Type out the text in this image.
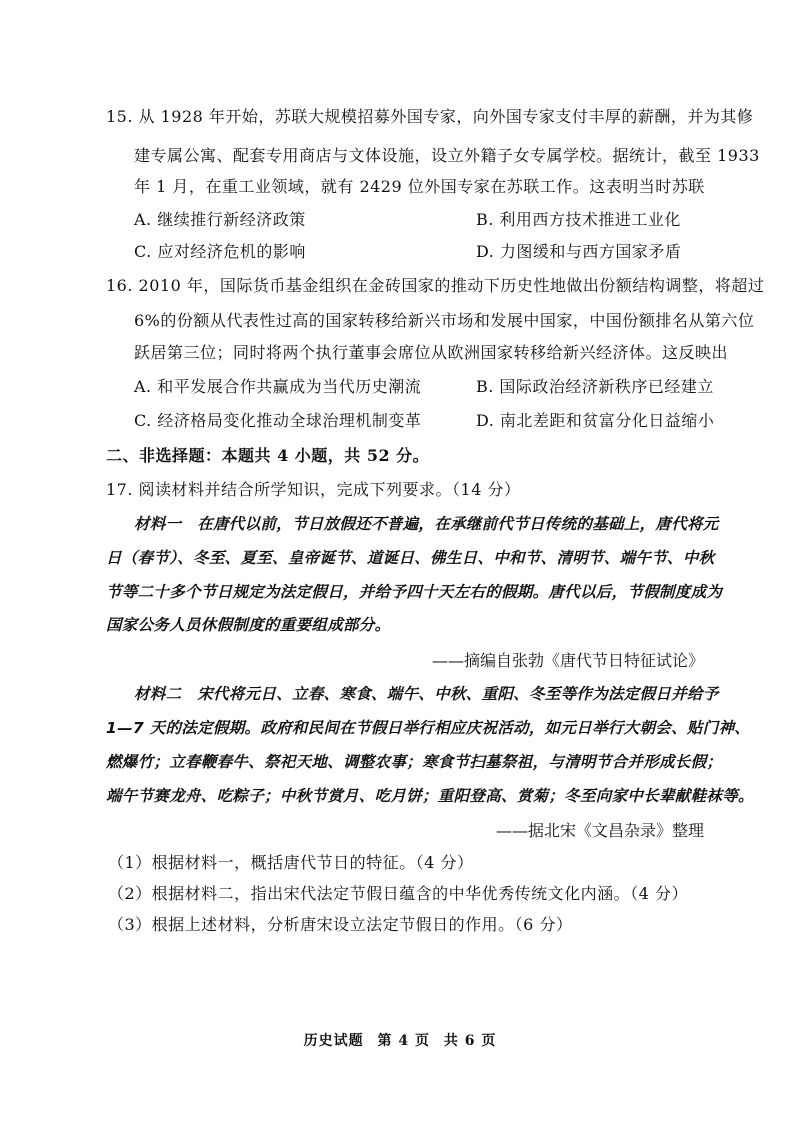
15. 从 1928 年开始，苏联大规模招募外国专家，向外国专家支付丰厚的薪酬，并为其修
建专属公寓、配套专用商店与文体设施，设立外籍子女专属学校。据统计，截至 1933
年 1 月，在重工业领域，就有 2429 位外国专家在苏联工作。这表明当时苏联
A. 继续推行新经济政策	B. 利用西方技术推进工业化
C. 应对经济危机的影响	D. 力图缓和与西方国家矛盾
16. 2010 年，国际货币基金组织在金砖国家的推动下历史性地做出份额结构调整，将超过
6%的份额从代表性过高的国家转移给新兴市场和发展中国家，中国份额排名从第六位
跃居第三位；同时将两个执行董事会席位从欧洲国家转移给新兴经济体。这反映出
A. 和平发展合作共赢成为当代历史潮流	B. 国际政治经济新秩序已经建立
C. 经济格局变化推动全球治理机制变革	D. 南北差距和贫富分化日益缩小
二、非选择题：本题共 4 小题，共 52 分。
17. 阅读材料并结合所学知识，完成下列要求。（14 分）
材料一　在唐代以前，节日放假还不普遍，在承继前代节日传统的基础上，唐代将元
日（春节）、冬至、夏至、皇帝诞节、道诞日、佛生日、中和节、清明节、端午节、中秋
节等二十多个节日规定为法定假日，并给予四十天左右的假期。唐代以后，节假制度成为
国家公务人员休假制度的重要组成部分。
——摘编自张勃《唐代节日特征试论》
材料二　宋代将元日、立春、寒食、端午、中秋、重阳、冬至等作为法定假日并给予
1—7 天的法定假期。政府和民间在节假日举行相应庆祝活动，如元日举行大朝会、贴门神、
燃爆竹；立春鞭春牛、祭祀天地、调整农事；寒食节扫墓祭祖，与清明节合并形成长假；
端午节赛龙舟、吃粽子；中秋节赏月、吃月饼；重阳登高、赏菊；冬至向家中长辈献鞋袜等。
——据北宋《文昌杂录》整理
（1）根据材料一，概括唐代节日的特征。（4 分）
（2）根据材料二，指出宋代法定节假日蕴含的中华优秀传统文化内涵。（4 分）
（3）根据上述材料，分析唐宋设立法定节假日的作用。（6 分）
历史试题 第 4 页 共 6 页
